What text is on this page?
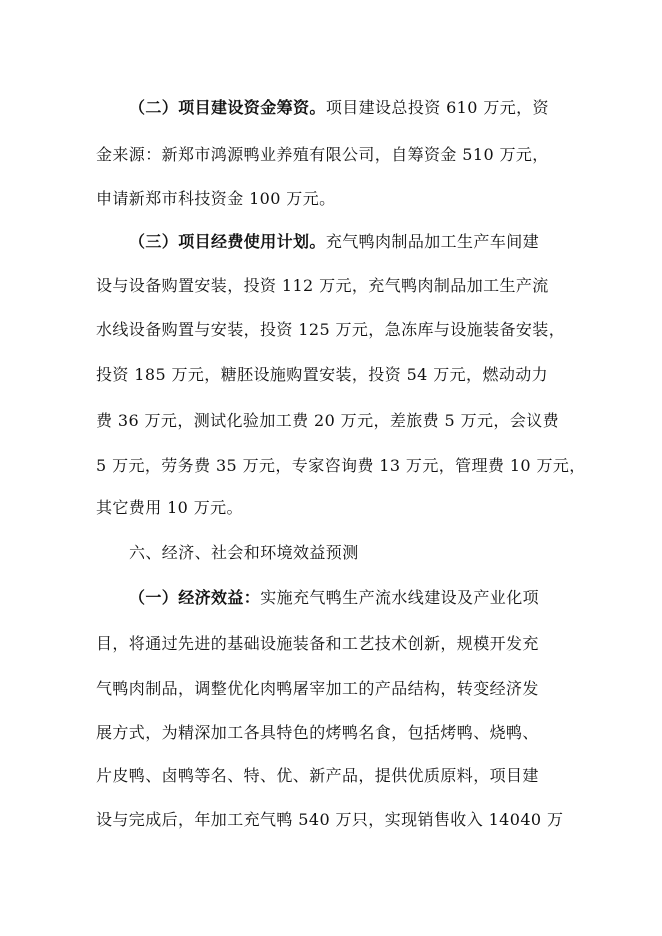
（二）项目建设资金筹资。项目建设总投资 610 万元，资
金来源：新郑市鸿源鸭业养殖有限公司，自筹资金 510 万元，
申请新郑市科技资金 100 万元。
（三）项目经费使用计划。充气鸭肉制品加工生产车间建
设与设备购置安装，投资 112 万元，充气鸭肉制品加工生产流
水线设备购置与安装，投资 125 万元，急冻库与设施装备安装，
投资 185 万元，糖胚设施购置安装，投资 54 万元，燃动动力
费 36 万元，测试化验加工费 20 万元，差旅费 5 万元，会议费
5 万元，劳务费 35 万元，专家咨询费 13 万元，管理费 10 万元，
其它费用 10 万元。
六、经济、社会和环境效益预测
（一）经济效益：实施充气鸭生产流水线建设及产业化项
目，将通过先进的基础设施装备和工艺技术创新，规模开发充
气鸭肉制品，调整优化肉鸭屠宰加工的产品结构，转变经济发
展方式，为精深加工各具特色的烤鸭名食，包括烤鸭、烧鸭、
片皮鸭、卤鸭等名、特、优、新产品，提供优质原料，项目建
设与完成后，年加工充气鸭 540 万只，实现销售收入 14040 万
